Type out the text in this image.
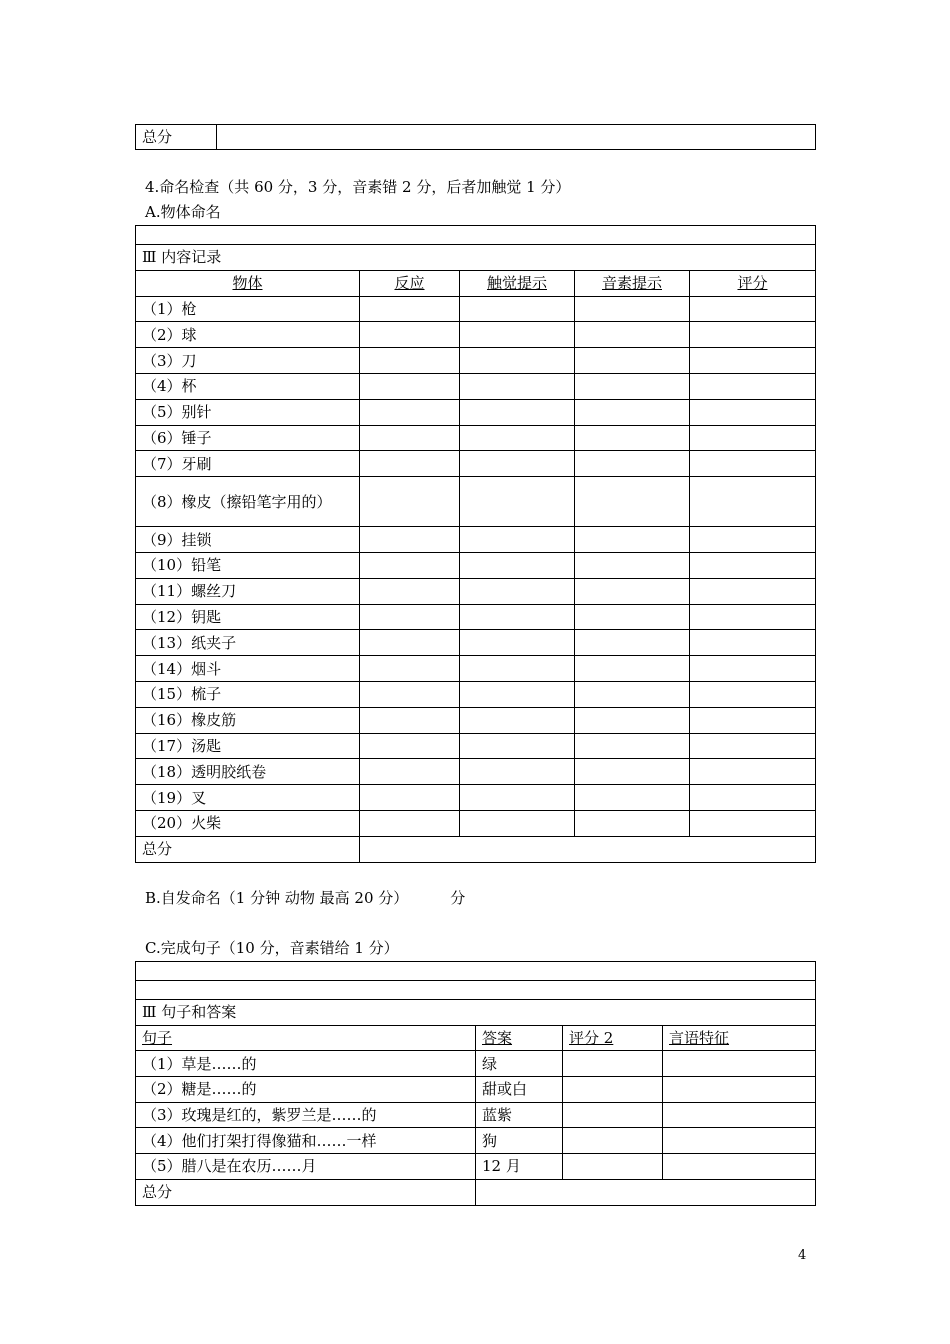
总分	
4.命名检查（共 60 分，3 分，音素错 2 分，后者加触觉 1 分）
A.物体命名

Ⅲ 内容记录				
物体	反应	触觉提示	音素提示	评分
（1）枪				
（2）球				
（3）刀				
（4）杯				
（5）别针				
（6）锤子				
（7）牙刷				
（8）橡皮（擦铅笔字用的）				
（9）挂锁				
（10）铅笔				
（11）螺丝刀				
（12）钥匙				
（13）纸夹子				
（14）烟斗				
（15）梳子				
（16）橡皮筋				
（17）汤匙				
（18）透明胶纸卷				
（19）叉				
（20）火柴				
总分				
B.自发命名（1 分钟 动物 最高 20 分）	分
C.完成句子（10 分，音素错给 1 分）

Ⅲ 句子和答案			
句子	答案	评分 2	言语特征
（1）草是……的	绿		
（2）糖是……的	甜或白		
（3）玫瑰是红的，紫罗兰是……的	蓝紫		
（4）他们打架打得像猫和……一样	狗		
（5）腊八是在农历……月	12 月		
总分			
4
